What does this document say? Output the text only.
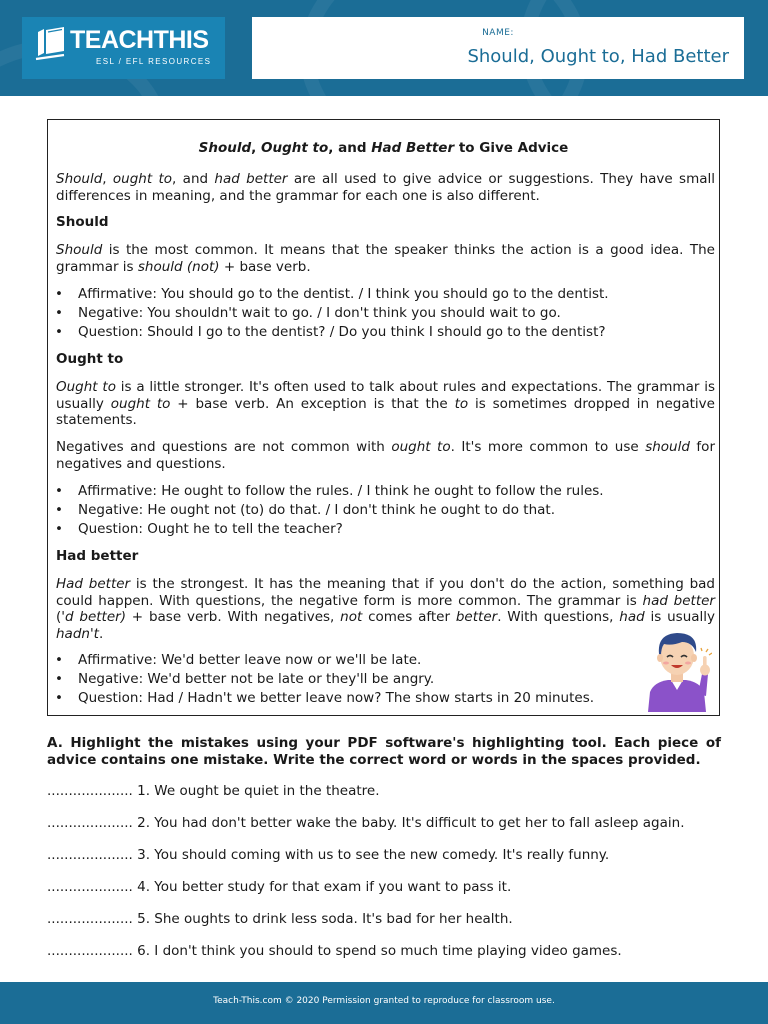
TEACHTHIS
ESL / EFL RESOURCES
NAME:
Should, Ought to, Had Better
Should, Ought to, and Had Better to Give Advice

Should, ought to, and had better are all used to give advice or suggestions. They have small differences in meaning, and the grammar for each one is also different.

Should

Should is the most common. It means that the speaker thinks the action is a good idea. The grammar is should (not) + base verb.

• Affirmative: You should go to the dentist. / I think you should go to the dentist.
• Negative: You shouldn't wait to go. / I don't think you should wait to go.
• Question: Should I go to the dentist? / Do you think I should go to the dentist?
Ought to

Ought to is a little stronger. It's often used to talk about rules and expectations. The grammar is usually ought to + base verb. An exception is that the to is sometimes dropped in negative statements.

Negatives and questions are not common with ought to. It's more common to use should for negatives and questions.

• Affirmative: He ought to follow the rules. / I think he ought to follow the rules.
• Negative: He ought not (to) do that. / I don't think he ought to do that.
• Question: Ought he to tell the teacher?
Had better

Had better is the strongest. It has the meaning that if you don't do the action, something bad could happen. With questions, the negative form is more common. The grammar is had better ('d better) + base verb. With negatives, not comes after better. With questions, had is usually hadn't.

• Affirmative: We'd better leave now or we'll be late.
• Negative: We'd better not be late or they'll be angry.
• Question: Had / Hadn't we better leave now? The show starts in 20 minutes.
A. Highlight the mistakes using your PDF software's highlighting tool. Each piece of advice contains one mistake. Write the correct word or words in the spaces provided.
.................... 1. We ought be quiet in the theatre.
.................... 2. You had don't better wake the baby. It's difficult to get her to fall asleep again.
.................... 3. You should coming with us to see the new comedy. It's really funny.
.................... 4. You better study for that exam if you want to pass it.
.................... 5. She oughts to drink less soda. It's bad for her health.
.................... 6. I don't think you should to spend so much time playing video games.
Teach-This.com © 2020 Permission granted to reproduce for classroom use.
